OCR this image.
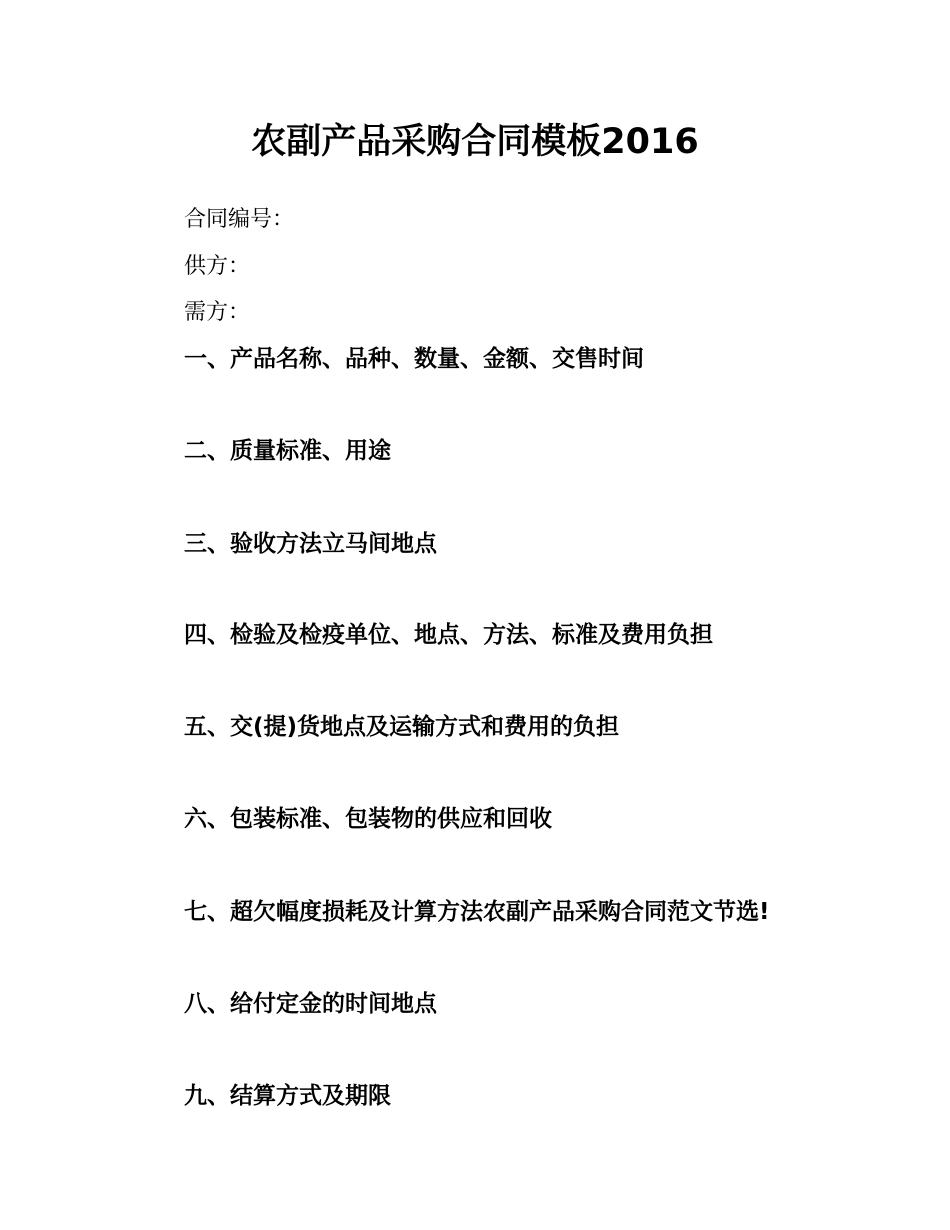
农副产品采购合同模板2016
合同编号：
供方：
需方：
一、产品名称、品种、数量、金额、交售时间
二、质量标准、用途
三、验收方法立马间地点
四、检验及检疫单位、地点、方法、标准及费用负担
五、交(提)货地点及运输方式和费用的负担
六、包装标准、包装物的供应和回收
七、超欠幅度损耗及计算方法农副产品采购合同范文节选!
八、给付定金的时间地点
九、结算方式及期限
